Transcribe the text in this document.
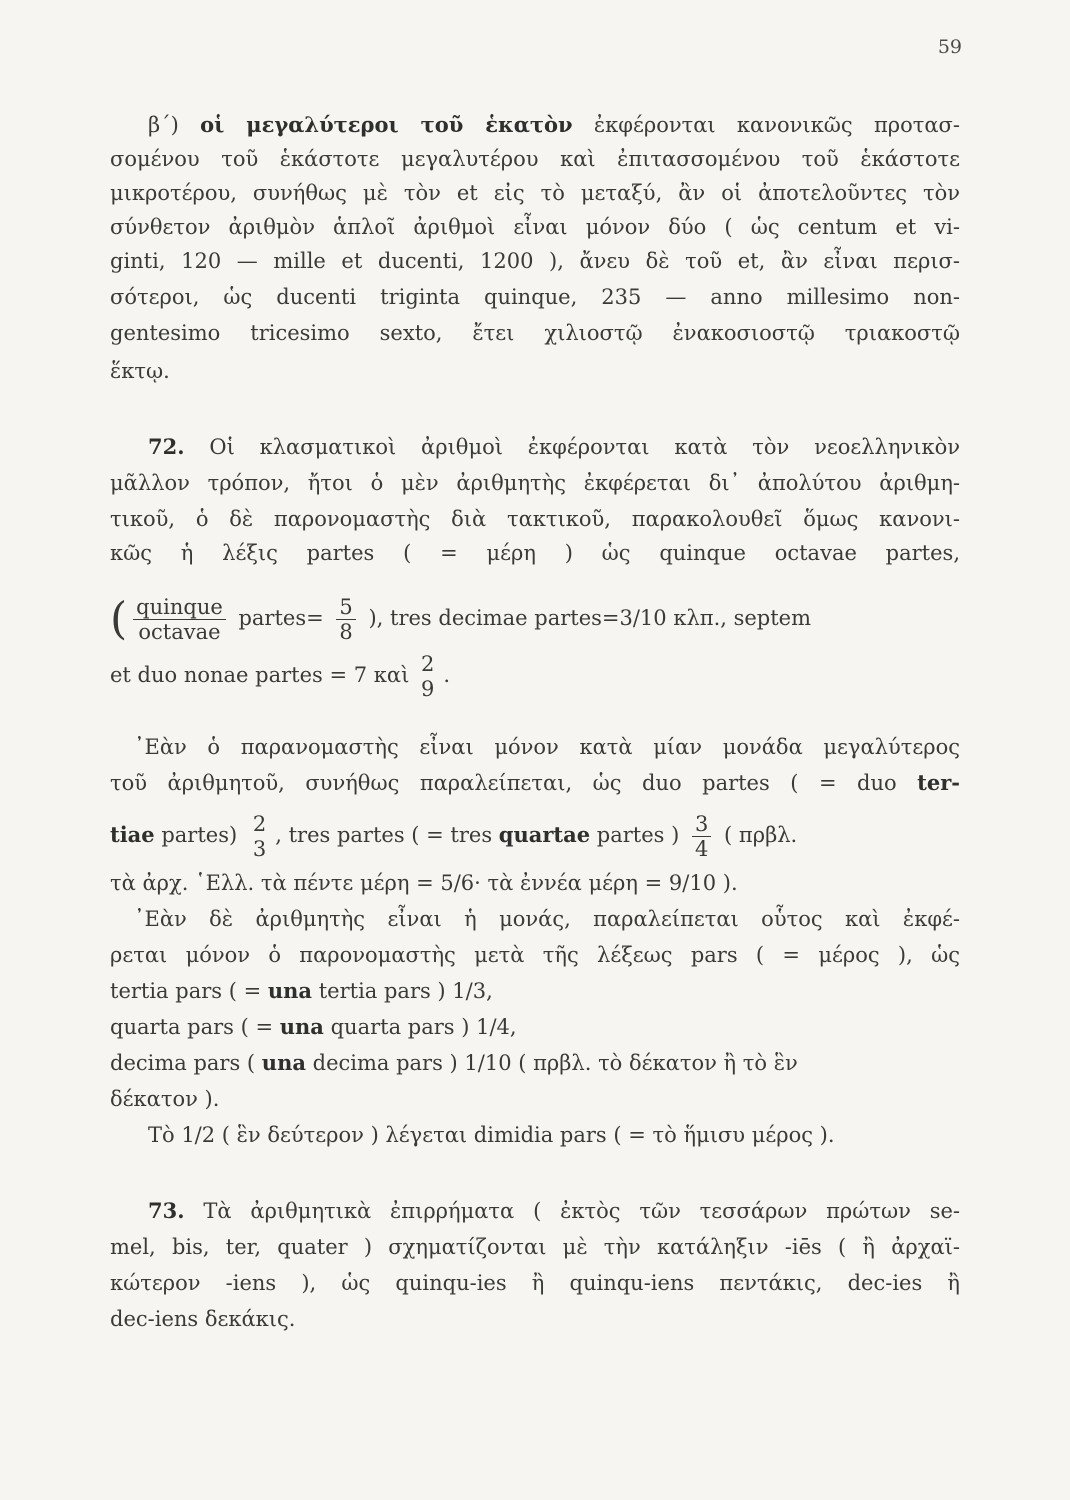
59
β΄) οἱ μεγαλύτεροι τοῦ ἑκατὸν ἐκφέρονται κανονικῶς προτασ-
σομένου τοῦ ἑκάστοτε μεγαλυτέρου καὶ ἐπιτασσομένου τοῦ ἑκάστοτε
μικροτέρου, συνήθως μὲ τὸν et εἰς τὸ μεταξύ, ἂν οἱ ἀποτελοῦντες τὸν
σύνθετον ἀριθμὸν ἁπλοῖ ἀριθμοὶ εἶναι μόνον δύο ( ὡς centum et vi-
ginti, 120 — mille et ducenti, 1200 ), ἄνευ δὲ τοῦ et, ἂν εἶναι περισ-
σότεροι, ὡς ducenti triginta quinque, 235 — anno millesimo non-
gentesimo tricesimo sexto, ἔτει χιλιοστῷ ἐνακοσιοστῷ τριακοστῷ
ἕκτῳ.
72. Οἱ κλασματικοὶ ἀριθμοὶ ἐκφέρονται κατὰ τὸν νεοελληνικὸν
μᾶλλον τρόπον, ἤτοι ὁ μὲν ἀριθμητὴς ἐκφέρεται δι᾽ ἀπολύτου ἀριθμη-
τικοῦ, ὁ δὲ παρονομαστὴς διὰ τακτικοῦ, παρακολουθεῖ ὅμως κανονι-
κῶς ἡ λέξις partes ( = μέρη ) ὡς quinque octavae partes,
( $\frac{\text{quinque}}{\text{octavae}}$ partes= $\frac{5}{8}$ ), tres decimae partes=3/10 κλπ., septem
et duo nonae partes = 7 καὶ 2
9
.
᾿Εὰν ὁ παρανομαστὴς εἶναι μόνον κατὰ μίαν μονάδα μεγαλύτερος
τοῦ ἀριθμητοῦ, συνήθως παραλείπεται, ὡς duo partes ( = duo ter-
tiae partes) 2
3
, tres partes ( = tres quartae partes ) $\frac{3}{4}$ ( πρβλ.
τὰ ἀρχ. ῾Ελλ. τὰ πέντε μέρη = 5/6· τὰ ἐννέα μέρη = 9/10 ).
᾿Εὰν δὲ ἀριθμητὴς εἶναι ἡ μονάς, παραλείπεται οὗτος καὶ ἐκφέ-
ρεται μόνον ὁ παρονομαστὴς μετὰ τῆς λέξεως pars ( = μέρος ), ὡς
tertia pars ( = una tertia pars ) 1/3,
quarta pars ( = una quarta pars ) 1/4,
decima pars ( una decima pars ) 1/10 ( πρβλ. τὸ δέκατον ἢ τὸ ἓν
δέκατον ).
Τὸ 1/2 ( ἓν δεύτερον ) λέγεται dimidia pars ( = τὸ ἥμισυ μέρος ).
73. Τὰ ἀριθμητικὰ ἐπιρρήματα ( ἐκτὸς τῶν τεσσάρων πρώτων se-
mel, bis, ter, quater ) σχηματίζονται μὲ τὴν κατάληξιν -iēs ( ἢ ἀρχαϊ-
κώτερον -iens ), ὡς quinqu-ies ἢ quinqu-iens πεντάκις, dec-ies ἢ
dec-iens δεκάκις.
